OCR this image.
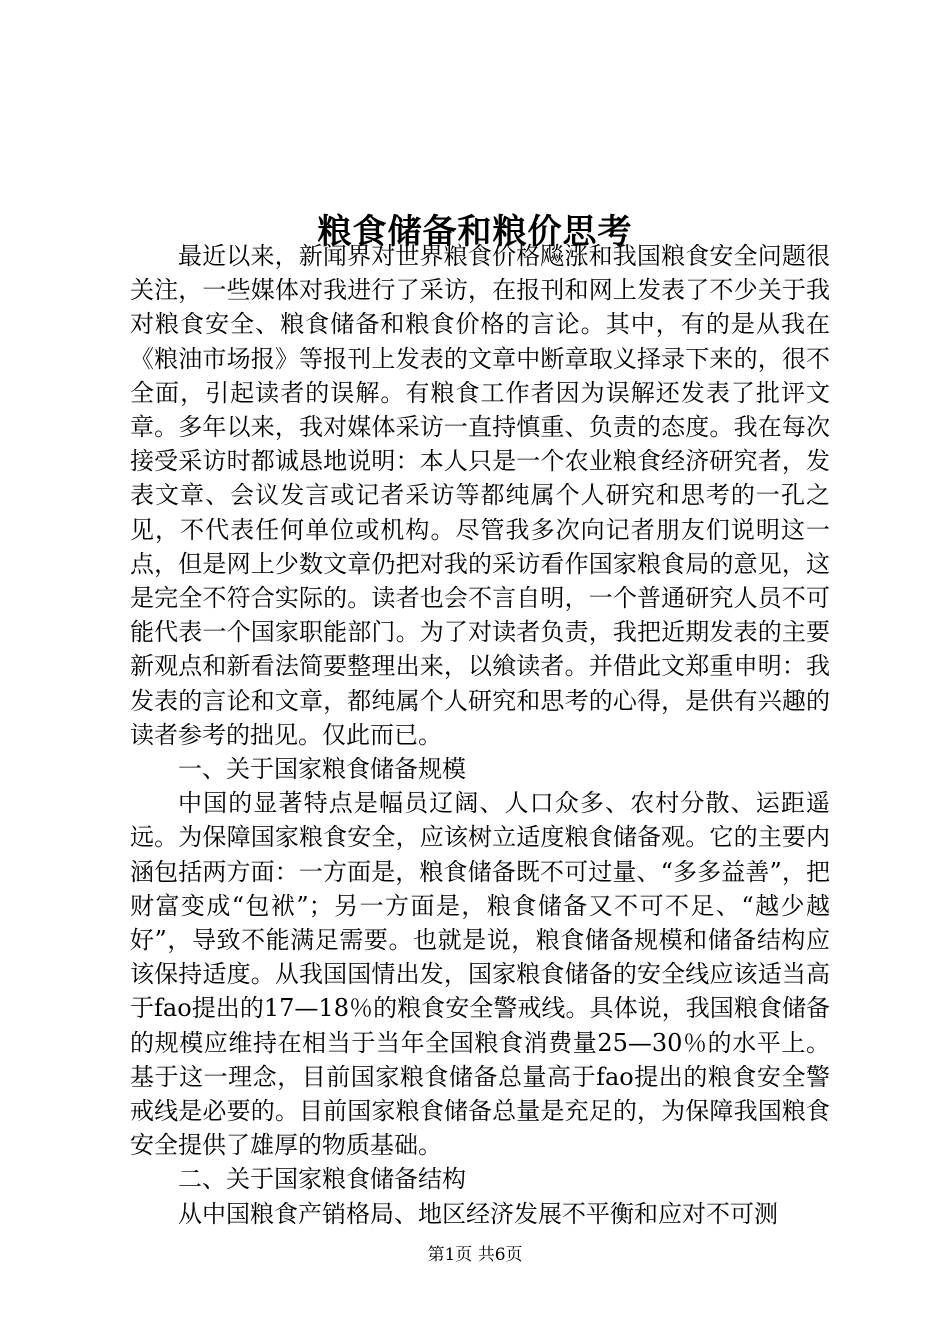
粮食储备和粮价思考

最近以来，新闻界对世界粮食价格飚涨和我国粮食安全问题很关注，一些媒体对我进行了采访，在报刊和网上发表了不少关于我对粮食安全、粮食储备和粮食价格的言论。其中，有的是从我在《粮油市场报》等报刊上发表的文章中断章取义择录下来的，很不全面，引起读者的误解。有粮食工作者因为误解还发表了批评文章。多年以来，我对媒体采访一直持慎重、负责的态度。我在每次接受采访时都诚恳地说明：本人只是一个农业粮食经济研究者，发表文章、会议发言或记者采访等都纯属个人研究和思考的一孔之见，不代表任何单位或机构。尽管我多次向记者朋友们说明这一点，但是网上少数文章仍把对我的采访看作国家粮食局的意见，这是完全不符合实际的。读者也会不言自明，一个普通研究人员不可能代表一个国家职能部门。为了对读者负责，我把近期发表的主要新观点和新看法简要整理出来，以飨读者。并借此文郑重申明：我发表的言论和文章，都纯属个人研究和思考的心得，是供有兴趣的读者参考的拙见。仅此而已。

一、关于国家粮食储备规模

中国的显著特点是幅员辽阔、人口众多、农村分散、运距遥远。为保障国家粮食安全，应该树立适度粮食储备观。它的主要内涵包括两方面：一方面是，粮食储备既不可过量、“多多益善”，把财富变成“包袱”；另一方面是，粮食储备又不可不足、“越少越好”，导致不能满足需要。也就是说，粮食储备规模和储备结构应该保持适度。从我国国情出发，国家粮食储备的安全线应该适当高于fao提出的17—18％的粮食安全警戒线。具体说，我国粮食储备的规模应维持在相当于当年全国粮食消费量25—30％的水平上。基于这一理念，目前国家粮食储备总量高于fao提出的粮食安全警戒线是必要的。目前国家粮食储备总量是充足的，为保障我国粮食安全提供了雄厚的物质基础。

二、关于国家粮食储备结构

从中国粮食产销格局、地区经济发展不平衡和应对不可测

第1页 共6页
